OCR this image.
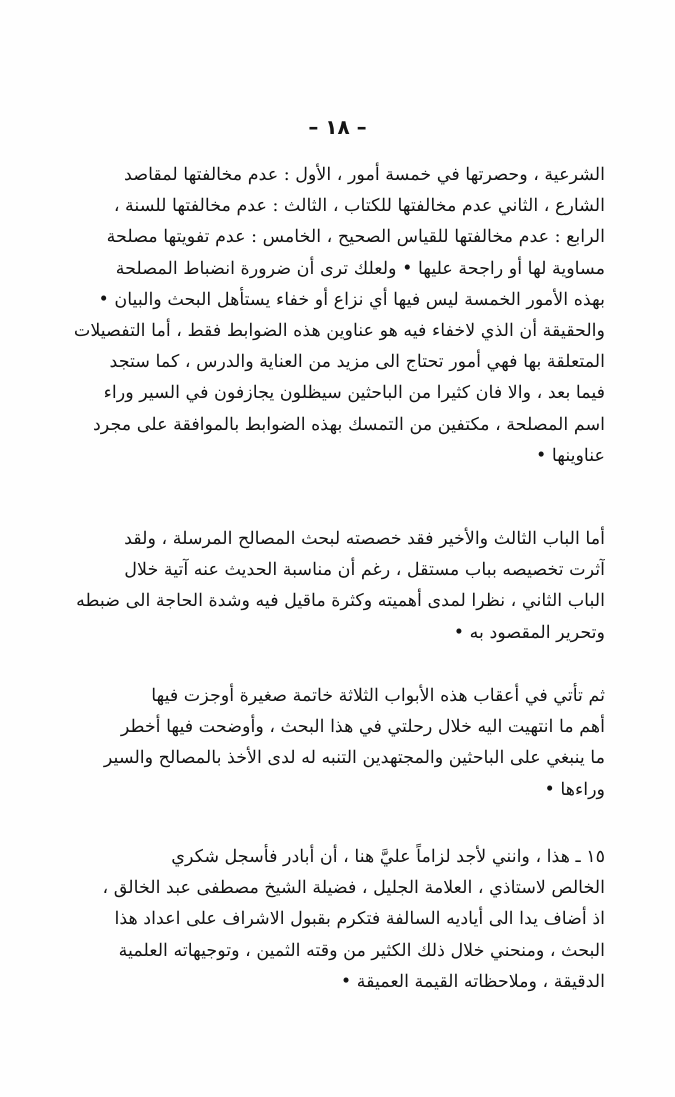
– ١٨ –

الشرعية ، وحصرتها في خمسة أمور ، الأول : عدم مخالفتها لمقاصد
الشارع ، الثاني عدم مخالفتها للكتاب ، الثالث : عدم مخالفتها للسنة ،
الرابع : عدم مخالفتها للقياس الصحيح ، الخامس : عدم تفويتها مصلحة
مساوية لها أو راجحة عليها • ولعلك ترى أن ضرورة انضباط المصلحة
بهذه الأمور الخمسة ليس فيها أي نزاع أو خفاء يستأهل البحث والبيان •
والحقيقة أن الذي لاخفاء فيه هو عناوين هذه الضوابط فقط ، أما التفصيلات
المتعلقة بها فهي أمور تحتاج الى مزيد من العناية والدرس ، كما ستجد
فيما بعد ، والا فان كثيرا من الباحثين سيظلون يجازفون في السير وراء
اسم المصلحة ، مكتفين من التمسك بهذه الضوابط بالموافقة على مجرد
عناوينها •

أما الباب الثالث والأخير فقد خصصته لبحث المصالح المرسلة ، ولقد
آثرت تخصيصه بباب مستقل ، رغم أن مناسبة الحديث عنه آتية خلال
الباب الثاني ، نظرا لمدى أهميته وكثرة ماقيل فيه وشدة الحاجة الى ضبطه
وتحرير المقصود به •

ثم تأتي في أعقاب هذه الأبواب الثلاثة خاتمة صغيرة أوجزت فيها
أهم ما انتهيت اليه خلال رحلتي في هذا البحث ، وأوضحت فيها أخطر
ما ينبغي على الباحثين والمجتهدين التنبه له لدى الأخذ بالمصالح والسير
وراءها •

١٥ ـ هذا ، وانني لأجد لزاماً عليَّ هنا ، أن أبادر فأسجل شكري
الخالص لاستاذي ، العلامة الجليل ، فضيلة الشيخ مصطفى عبد الخالق ،
اذ أضاف يدا الى أياديه السالفة فتكرم بقبول الاشراف على اعداد هذا
البحث ، ومنحني خلال ذلك الكثير من وقته الثمين ، وتوجيهاته العلمية
الدقيقة ، وملاحظاته القيمة العميقة •
